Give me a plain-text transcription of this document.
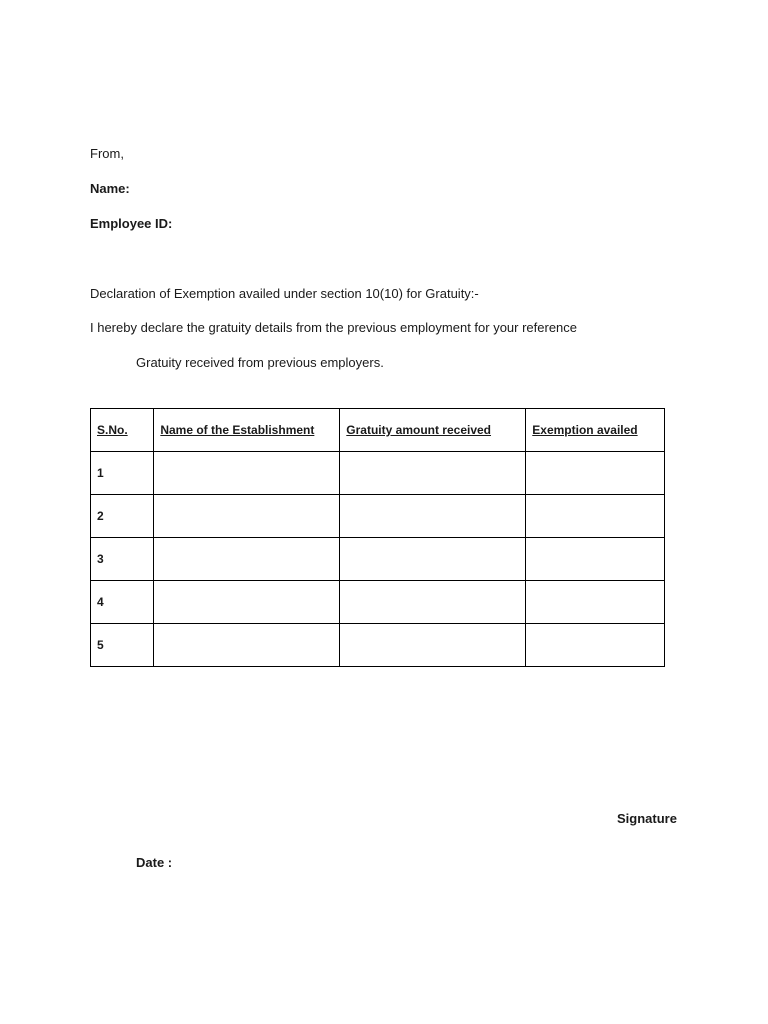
From,
Name:
Employee ID:
Declaration of Exemption availed under section 10(10) for Gratuity:-
I hereby declare the gratuity details from the previous employment for your reference
Gratuity received from previous employers.
S.No.	Name of the Establishment	Gratuity amount received	Exemption availed
1			
2			
3			
4			
5			
Signature
Date :
